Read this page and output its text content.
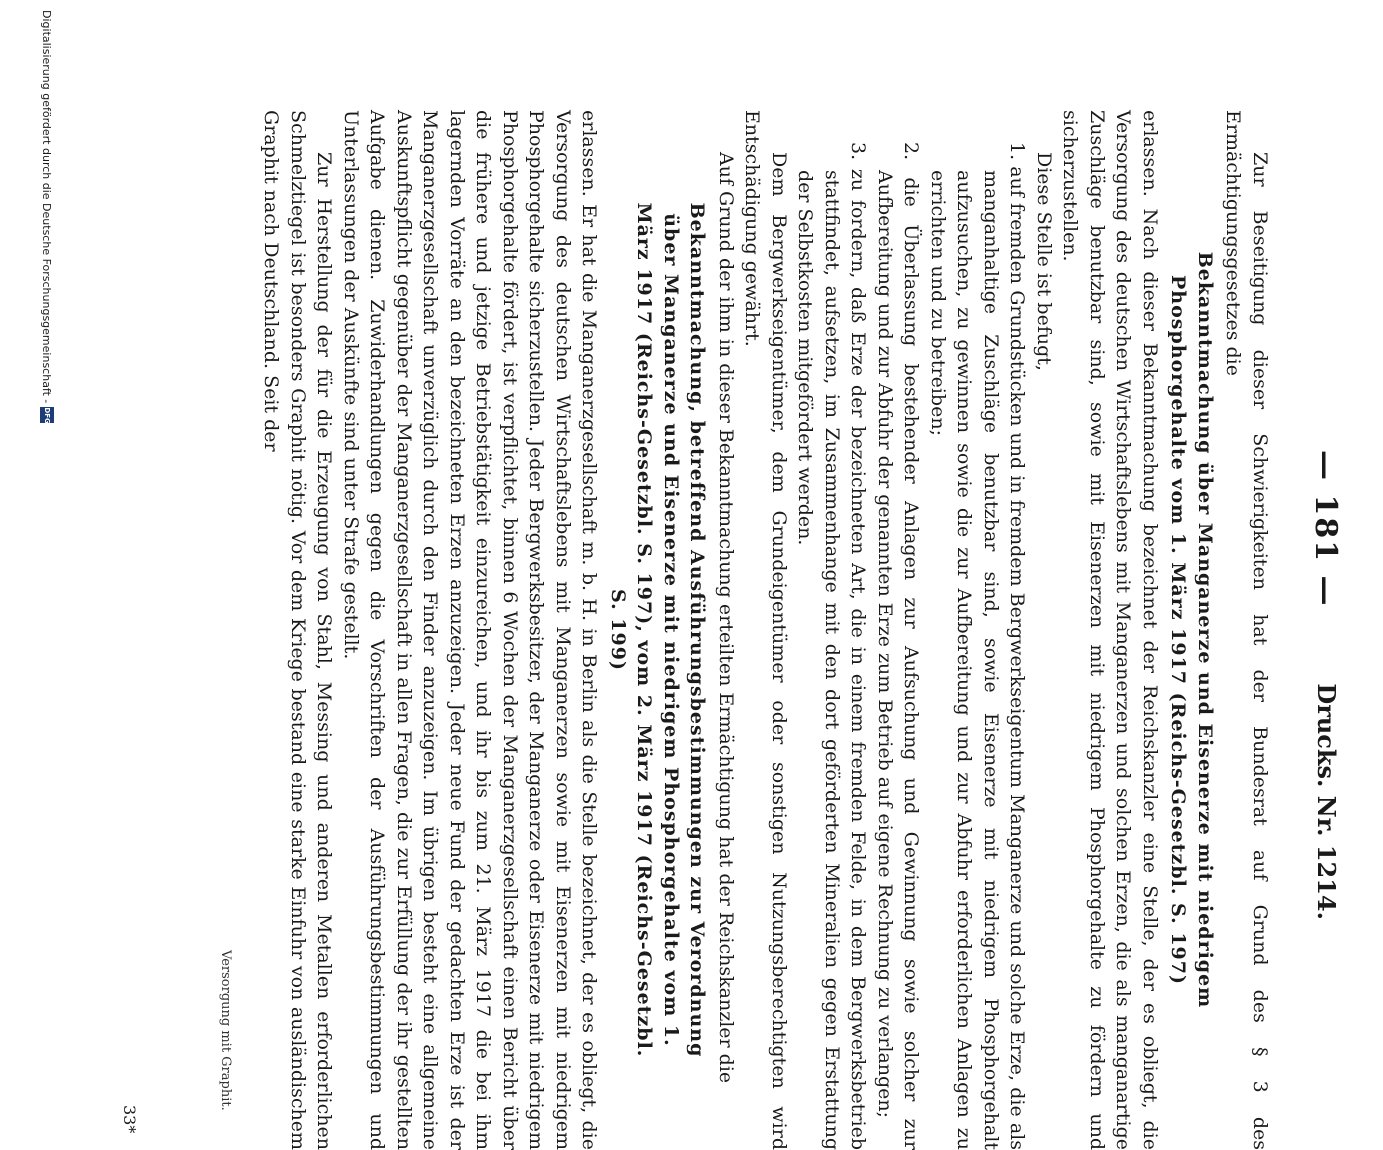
— 181 —
Drucks. Nr. 1214.

Zur Beseitigung dieser Schwierigkeiten hat der Bundesrat auf Grund des § 3 des Ermächtigungsgesetzes die

Bekanntmachung über Manganerze und Eisenerze mit niedrigem Phosphorgehalte vom 1. März 1917 (Reichs-Gesetzbl. S. 197)

erlassen. Nach dieser Bekanntmachung bezeichnet der Reichskanzler eine Stelle, der es obliegt, die Versorgung des deutschen Wirtschaftslebens mit Manganerzen und solchen Erzen, die als manganartige Zuschläge benutzbar sind, sowie mit Eisenerzen mit niedrigem Phosphorgehalte zu fördern und sicherzustellen.

Diese Stelle ist befugt,

1. auf fremden Grundstücken und in fremdem Bergwerkseigentum Manganerze und solche Erze, die als manganhaltige Zuschläge benutzbar sind, sowie Eisenerze mit niedrigem Phosphorgehalt aufzusuchen, zu gewinnen sowie die zur Aufbereitung und zur Abfuhr erforderlichen Anlagen zu errichten und zu betreiben;

2. die Überlassung bestehender Anlagen zur Aufsuchung und Gewinnung sowie solcher zur Aufbereitung und zur Abfuhr der genannten Erze zum Betrieb auf eigene Rechnung zu verlangen;

3. zu fordern, daß Erze der bezeichneten Art, die in einem fremden Felde, in dem Bergwerksbetrieb stattfindet, aufsetzen, im Zusammenhange mit den dort geförderten Mineralien gegen Erstattung der Selbstkosten mitgefördert werden.

Dem Bergwerkseigentümer, dem Grundeigentümer oder sonstigen Nutzungsberechtigten wird Entschädigung gewährt.

Auf Grund der ihm in dieser Bekanntmachung erteilten Ermächtigung hat der Reichskanzler die

Bekanntmachung, betreffend Ausführungsbestimmungen zur Verordnung über Manganerze und Eisenerze mit niedrigem Phosphorgehalte vom 1. März 1917 (Reichs-Gesetzbl. S. 197), vom 2. März 1917 (Reichs-Gesetzbl. S. 199)

erlassen. Er hat die Manganerzgesellschaft m. b. H. in Berlin als die Stelle bezeichnet, der es obliegt, die Versorgung des deutschen Wirtschaftslebens mit Manganerzen sowie mit Eisenerzen mit niedrigem Phosphorgehalte sicherzustellen. Jeder Bergwerksbesitzer, der Manganerze oder Eisenerze mit niedrigem Phosphorgehalte fördert, ist verpflichtet, binnen 6 Wochen der Manganerzgesellschaft einen Bericht über die frühere und jetzige Betriebstätigkeit einzureichen, und ihr bis zum 21. März 1917 die bei ihm lagernden Vorräte an den bezeichneten Erzen anzuzeigen. Jeder neue Fund der gedachten Erze ist der Manganerzgesellschaft unverzüglich durch den Finder anzuzeigen. Im übrigen besteht eine allgemeine Auskunftspflicht gegenüber der Manganerzgesellschaft in allen Fragen, die zur Erfüllung der ihr gestellten Aufgabe dienen. Zuwiderhandlungen gegen die Vorschriften der Ausführungsbestimmungen und Unterlassungen der Auskünfte sind unter Strafe gestellt.

Zur Herstellung der für die Erzeugung von Stahl, Messing und anderen Metallen erforderlichen Schmelztiegel ist besonders Graphit nötig. Vor dem Kriege bestand eine starke Einfuhr von ausländischem Graphit nach Deutschland. Seit der

Versorgung mit Graphit.
33*
Digitalisierung gefördert durch die Deutsche Forschungsgemeinschaft -
DFG
